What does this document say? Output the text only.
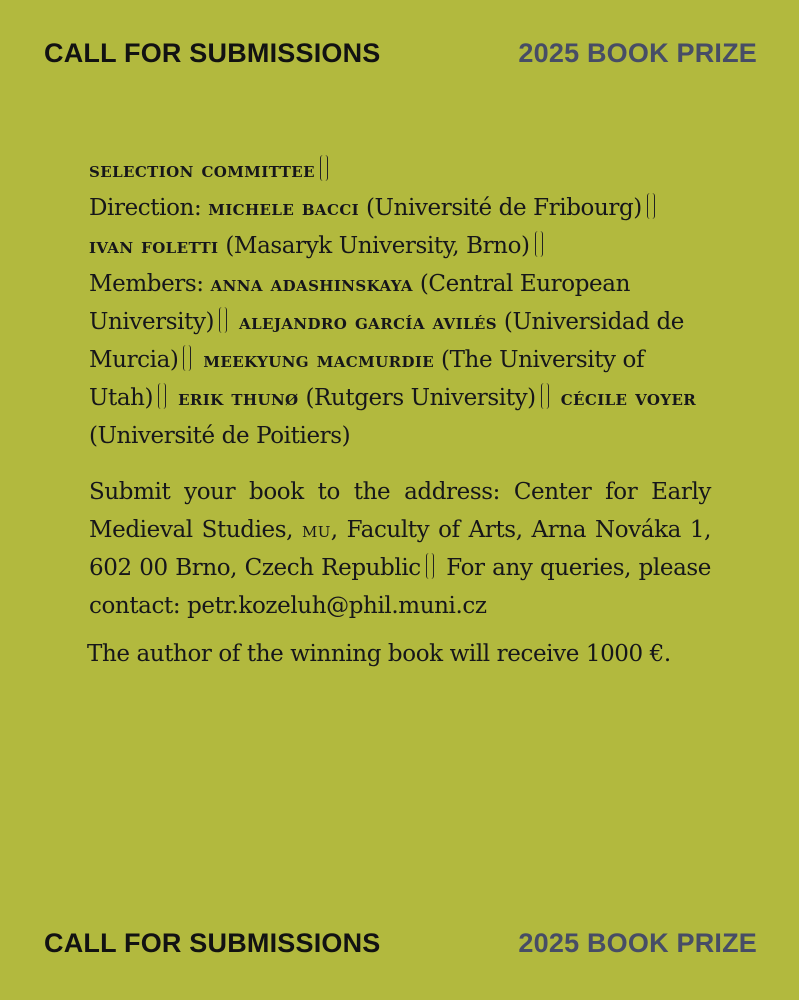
CALL FOR SUBMISSIONS	2025 BOOK PRIZE

selection committee
Direction: michele bacci (Université de Fribourg)
ivan foletti (Masaryk University, Brno)
Members: anna adashinskaya (Central European University) alejandro garcía avilés (Universidad de Murcia) meekyung macmurdie (The University of Utah) erik thunø (Rutgers University) cécile voyer (Université de Poitiers)

Submit your book to the address: Center for Early Medieval Studies, mu, Faculty of Arts, Arna Nováka 1, 602 00 Brno, Czech Republic For any queries, please contact: petr.kozeluh@phil.muni.cz

The author of the winning book will receive 1000 €.

CALL FOR SUBMISSIONS	2025 BOOK PRIZE
